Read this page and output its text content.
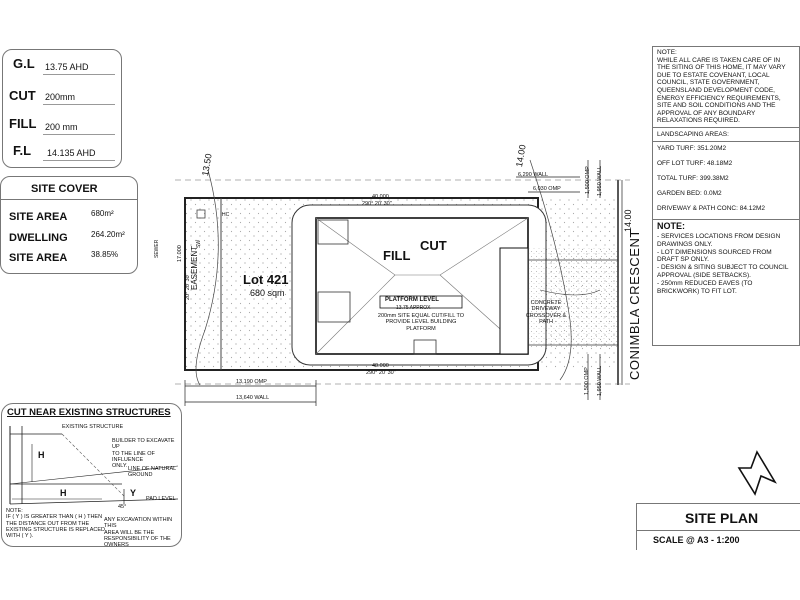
G.L 13.75 AHD
CUT 200mm
FILL 200 mm
F.L 14.135 AHD
SITE COVER
SITE AREA	680m²
DWELLING	264.20m²
SITE AREA	38.85%
NOTE:
WHILE ALL CARE IS TAKEN CARE OF IN
THE SITING OF THIS HOME, IT MAY VARY
DUE TO ESTATE COVENANT, LOCAL
COUNCIL, STATE GOVERNMENT,
QUEENSLAND DEVELOPMENT CODE,
ENERGY EFFICIENCY REQUIREMENTS,
SITE AND SOIL CONDITIONS AND THE
APPROVAL OF ANY BOUNDARY
RELAXATIONS REQUIRED.
LANDSCAPING AREAS:
YARD TURF: 351.20M2
OFF LOT TURF: 48.18M2
TOTAL TURF: 399.38M2
GARDEN BED: 0.0M2
DRIVEWAY & PATH CONC: 84.12M2
NOTE:
- SERVICES LOCATIONS FROM DESIGN
DRAWINGS ONLY.
- LOT DIMENSIONS SOURCED FROM
DRAFT SP ONLY.
- DESIGN & SITING SUBJECT TO COUNCIL
APPROVAL (SIDE SETBACKS).
- 250mm REDUCED EAVES (TO
BRICKWORK) TO FIT LOT.
Lot 421
680 sqm
EASEMENT
SEWER	SW
HC
FILL
CUT
PLATFORM LEVEL
13.75 APPROX
200mm SITE EQUAL CUT/FILL TO
PROVIDE LEVEL BUILDING
PLATFORM
CONCRETE
DRIVEWAY
CROSSOVER &
PATH	CONIMBLA CRESCENT
40.000
290° 20' 30"
40.000
290° 20' 30"
17.000
20° 20' 30"
13,190 OMP
13,640 WALL
6,290 WALL
6,030 OMP	1,500 OMP 1,950 WALL
1,500 OMP 1,950 WALL
13.50	14.00
14.00
CUT NEAR EXISTING STRUCTURES
EXISTING STRUCTURE
BUILDER TO EXCAVATE UP
TO THE LINE OF INFLUENCE
ONLY. LINE OF NATURAL
GROUND
PAD LEVEL
H
H	Y
45°
NOTE:
IF ( Y ) IS GREATER THAN ( H ) THEN
THE DISTANCE OUT FROM THE
EXISTING STRUCTURE IS REPLACED
WITH ( Y ).
ANY EXCAVATION WITHIN THIS
AREA WILL BE THE
RESPONSIBILITY OF THE
OWNERS
SITE PLAN
SCALE @ A3 - 1:200
